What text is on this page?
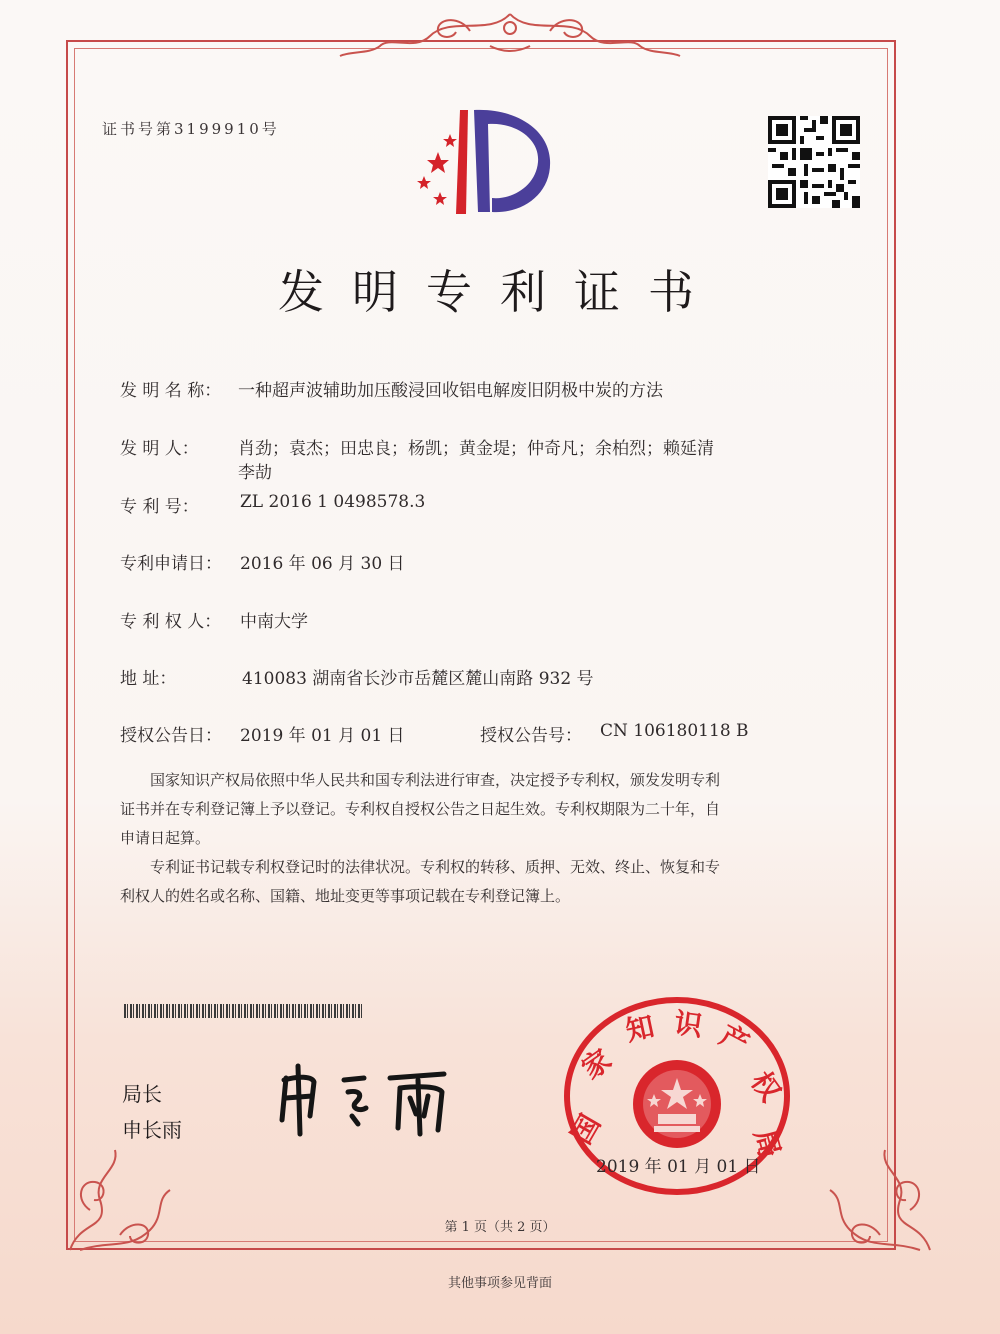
证书号第3199910号
发明专利证书
发 明 名 称： 一种超声波辅助加压酸浸回收铝电解废旧阴极中炭的方法
发 明 人： 肖劲；袁杰；田忠良；杨凯；黄金堤；仲奇凡；余柏烈；赖延清
李劼
专 利 号： ZL 2016 1 0498578.3
专利申请日： 2016 年 06 月 30 日
专 利 权 人： 中南大学
地 址：	410083 湖南省长沙市岳麓区麓山南路 932 号
授权公告日： 2019 年 01 月 01 日	授权公告号： CN 106180118 B
国家知识产权局依照中华人民共和国专利法进行审查，决定授予专利权，颁发发明专利
证书并在专利登记簿上予以登记。专利权自授权公告之日起生效。专利权期限为二十年，自
申请日起算。
专利证书记载专利权登记时的法律状况。专利权的转移、质押、无效、终止、恢复和专
利权人的姓名或名称、国籍、地址变更等事项记载在专利登记簿上。
局长
申长雨	国
家
知 识 产
权
局
2019 年 01 月 01 日
第 1 页（共 2 页）
其他事项参见背面
